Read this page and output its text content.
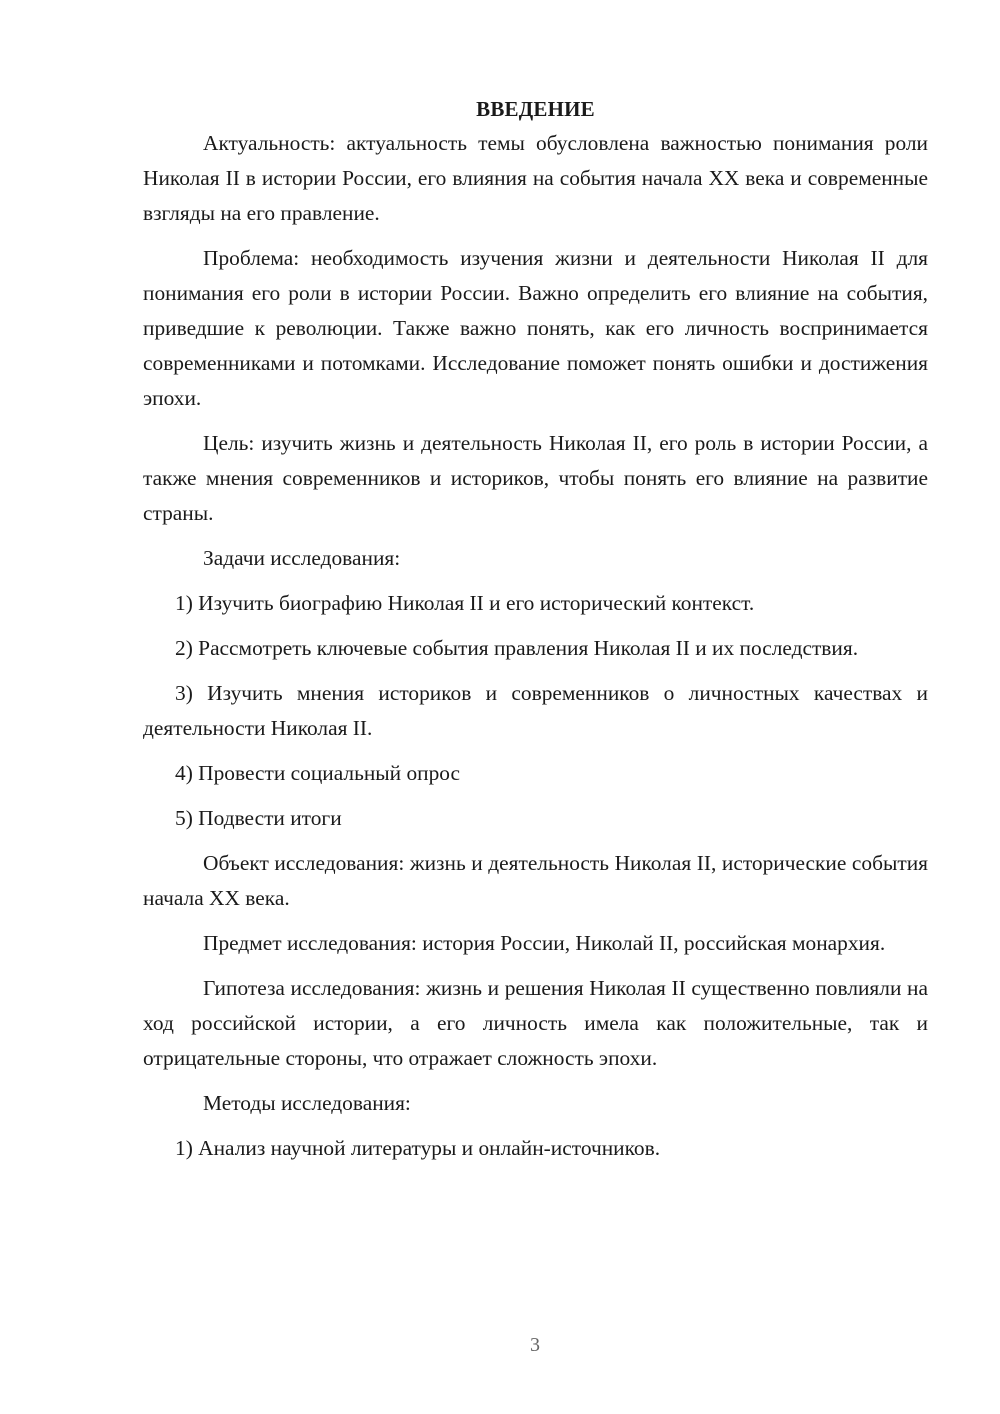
ВВЕДЕНИЕ

Актуальность: актуальность темы обусловлена важностью понимания роли Николая II в истории России, его влияния на события начала XX века и современные взгляды на его правление.

Проблема: необходимость изучения жизни и деятельности Николая II для понимания его роли в истории России. Важно определить его влияние на события, приведшие к революции. Также важно понять, как его личность воспринимается современниками и потомками. Исследование поможет понять ошибки и достижения эпохи.

Цель: изучить жизнь и деятельность Николая II, его роль в истории России, а также мнения современников и историков, чтобы понять его влияние на развитие страны.

Задачи исследования:

1) Изучить биографию Николая II и его исторический контекст.

2) Рассмотреть ключевые события правления Николая II и их последствия.

3) Изучить мнения историков и современников о личностных качествах и деятельности Николая II.

4) Провести социальный опрос

5) Подвести итоги

Объект исследования: жизнь и деятельность Николая II, исторические события начала XX века.

Предмет исследования: история России, Николай II, российская монархия.

Гипотеза исследования: жизнь и решения Николая II существенно повлияли на ход российской истории, а его личность имела как положительные, так и отрицательные стороны, что отражает сложность эпохи.

Методы исследования:

1) Анализ научной литературы и онлайн-источников.

3
